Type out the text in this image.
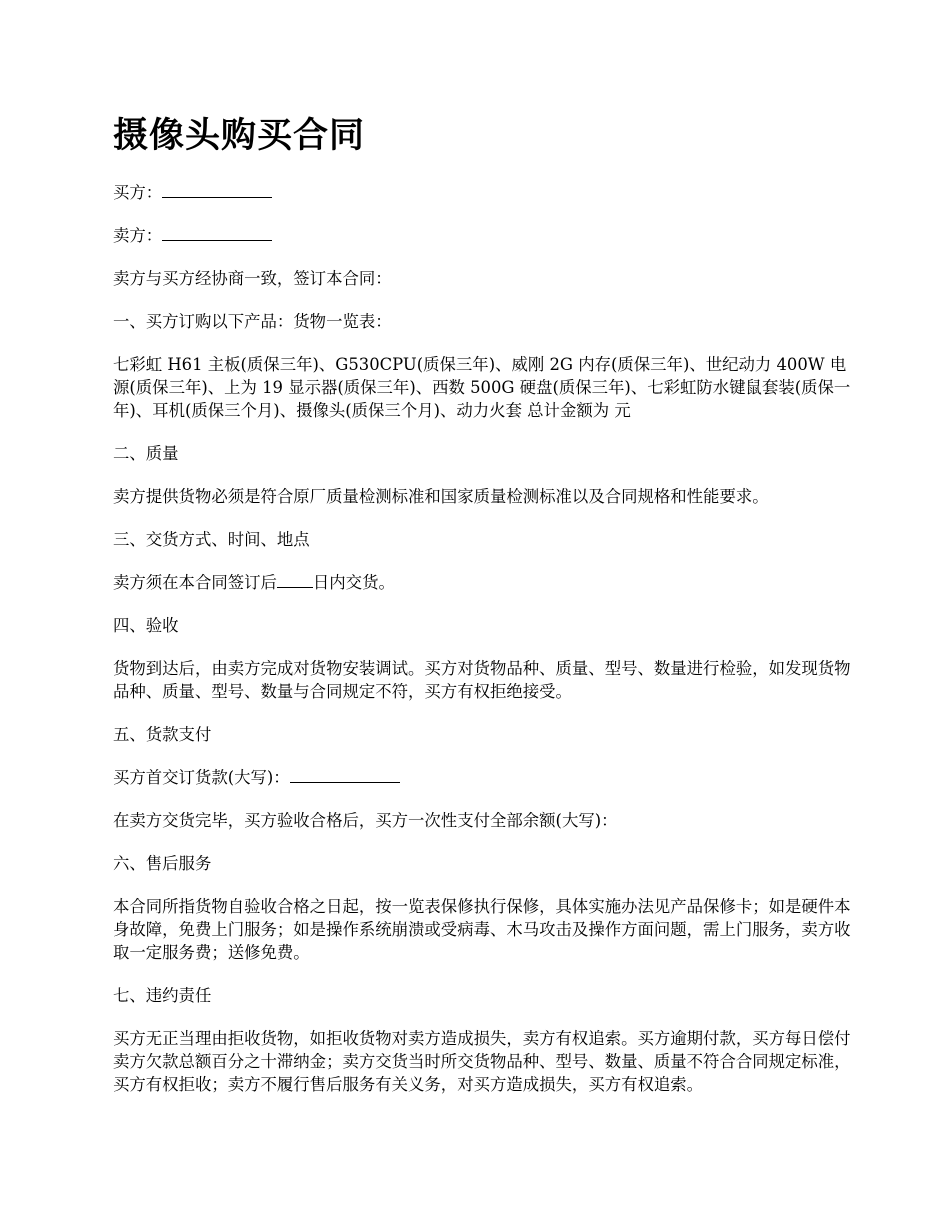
摄像头购买合同

买方：

卖方：

卖方与买方经协商一致，签订本合同：

一、买方订购以下产品：货物一览表：

七彩虹 H61 主板(质保三年)、G530CPU(质保三年)、威刚 2G 内存(质保三年)、世纪动力 400W 电源(质保三年)、上为 19 显示器(质保三年)、西数 500G 硬盘(质保三年)、七彩虹防水键鼠套装(质保一年)、耳机(质保三个月)、摄像头(质保三个月)、动力火套 总计金额为 元

二、质量

卖方提供货物必须是符合原厂质量检测标准和国家质量检测标准以及合同规格和性能要求。

三、交货方式、时间、地点

卖方须在本合同签订后 日内交货。

四、验收

货物到达后，由卖方完成对货物安装调试。买方对货物品种、质量、型号、数量进行检验，如发现货物品种、质量、型号、数量与合同规定不符，买方有权拒绝接受。

五、货款支付

买方首交订货款(大写)：

在卖方交货完毕，买方验收合格后，买方一次性支付全部余额(大写)：

六、售后服务

本合同所指货物自验收合格之日起，按一览表保修执行保修，具体实施办法见产品保修卡；如是硬件本身故障，免费上门服务；如是操作系统崩溃或受病毒、木马攻击及操作方面问题，需上门服务，卖方收取一定服务费；送修免费。

七、违约责任

买方无正当理由拒收货物，如拒收货物对卖方造成损失，卖方有权追索。买方逾期付款，买方每日偿付卖方欠款总额百分之十滞纳金；卖方交货当时所交货物品种、型号、数量、质量不符合合同规定标准，买方有权拒收；卖方不履行售后服务有关义务，对买方造成损失，买方有权追索。
